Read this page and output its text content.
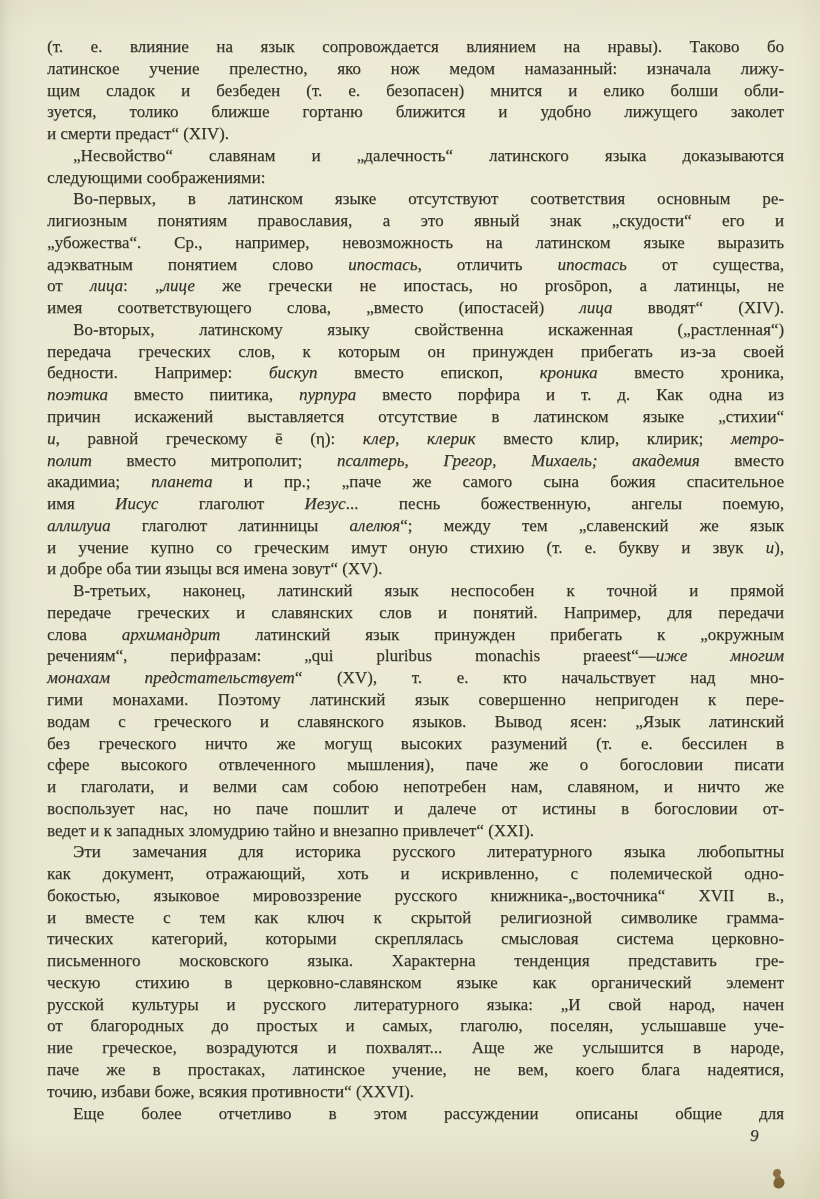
(т. е. влияние на язык сопровождается влиянием на нравы). Таково бо
латинское учение прелестно, яко нож медом намазанный: изначала лижу-
щим сладок и безбеден (т. е. безопасен) мнится и елико болши обли-
зуется, толико ближше гортаню ближится и удобно лижущего заколет
и смерти предаст“ (XIV).
„Несвойство“ славянам и „далечность“ латинского языка доказываются
следующими соображениями:
Во-первых, в латинском языке отсутствуют соответствия основным ре-
лигиозным понятиям православия, а это явный знак „скудости“ его и
„убожества“. Ср., например, невозможность на латинском языке выразить
адэкватным понятием слово ипостась, отличить ипостась от существа,
от лица: „лице же гречески не ипостась, но prosōpon, а латинцы, не
имея соответствующего слова, „вместо (ипостасей) лица вводят“ (XIV).
Во-вторых, латинскому языку свойственна искаженная („растленная“)
передача греческих слов, к которым он принужден прибегать из-за своей
бедности. Например: бискуп вместо епископ, кроника вместо хроника,
поэтика вместо пиитика, пурпура вместо порфира и т. д. Как одна из
причин искажений выставляется отсутствие в латинском языке „стихии“
и, равной греческому ē (η): клер, клерик вместо клир, клирик; метро-
полит вместо митрополит; псалтерь, Грегор, Михаель; академия вместо
акадимиа; планета и пр.; „паче же самого сына божия спасительное
имя Иисус глаголют Иезус... песнь божественную, ангелы поемую,
аллилуиа глаголют латинницы алелюя“; между тем „славенский же язык
и учение купно со греческим имут оную стихию (т. е. букву и звук и),
и добре оба тии языцы вся имена зовут“ (XV).
В-третьих, наконец, латинский язык неспособен к точной и прямой
передаче греческих и славянских слов и понятий. Например, для передачи
слова архимандрит латинский язык принужден прибегать к „окружным
речениям“, перифразам: „qui pluribus monachis praeest“—иже многим
монахам предстательствует“ (XV), т. е. кто начальствует над мно-
гими монахами. Поэтому латинский язык совершенно непригоден к пере-
водам с греческого и славянского языков. Вывод ясен: „Язык латинский
без греческого ничто же могущ высоких разумений (т. е. бессилен в
сфере высокого отвлеченного мышления), паче же о богословии писати
и глаголати, и велми сам собою непотребен нам, славяном, и ничто же
воспользует нас, но паче пошлит и далече от истины в богословии от-
ведет и к западных зломудрию тайно и внезапно привлечет“ (XXI).
Эти замечания для историка русского литературного языка любопытны
как документ, отражающий, хоть и искривленно, с полемической одно-
бокостью, языковое мировоззрение русского книжника-„восточника“ XVII в.,
и вместе с тем как ключ к скрытой религиозной символике грамма-
тических категорий, которыми скреплялась смысловая система церковно-
письменного московского языка. Характерна тенденция представить гре-
ческую стихию в церковно-славянском языке как органический элемент
русской культуры и русского литературного языка: „И свой народ, начен
от благородных до простых и самых, глаголю, поселян, услышавше уче-
ние греческое, возрадуются и похвалят... Аще же услышится в народе,
паче же в простаках, латинское учение, не вем, коего блага надеятися,
точию, избави боже, всякия противности“ (XXVI).
Еще более отчетливо в этом рассуждении описаны общие для
9
